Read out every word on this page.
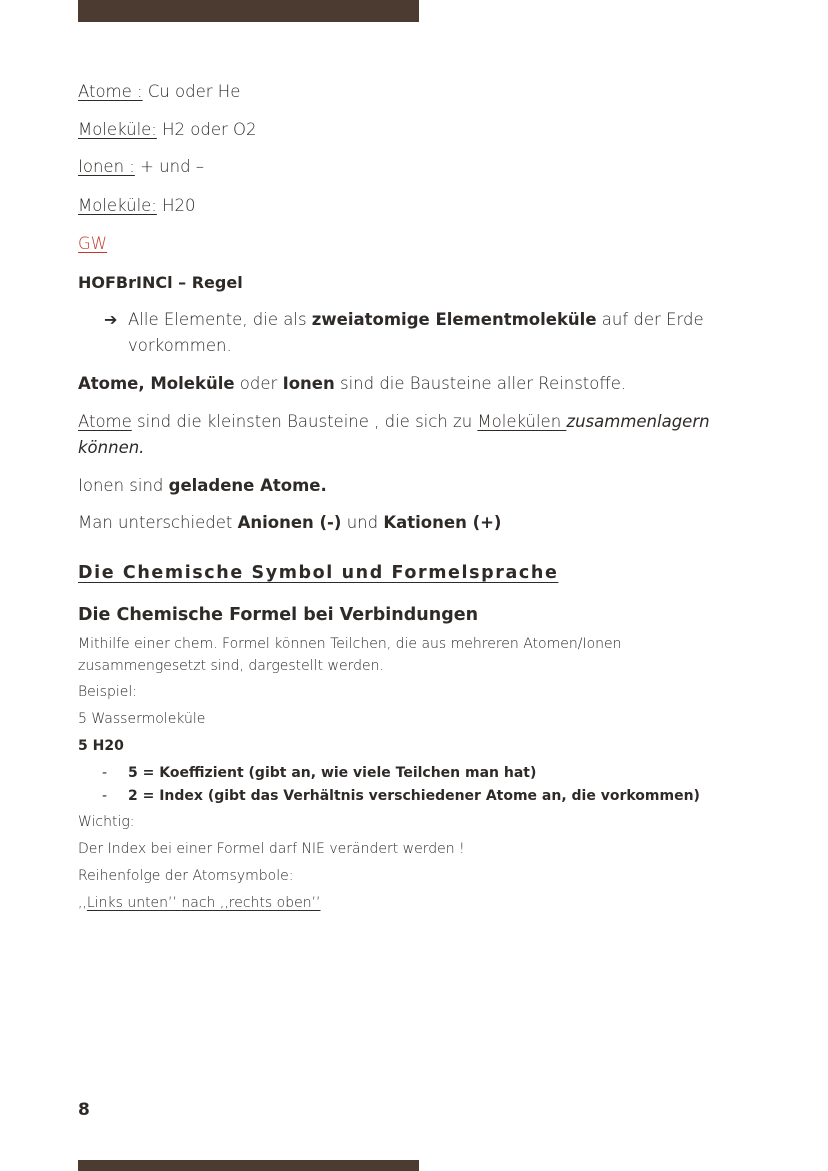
Atome : Cu oder He
Moleküle: H2 oder O2
Ionen : + und –
Moleküle: H20
GW
HOFBrINCl – Regel
➔ Alle Elemente, die als zweiatomige Elementmoleküle auf der Erde
vorkommen.
Atome, Moleküle oder Ionen sind die Bausteine aller Reinstoffe.
Atome sind die kleinsten Bausteine , die sich zu Molekülen zusammenlagern
können.
Ionen sind geladene Atome.
Man unterschiedet Anionen (-) und Kationen (+)
Die Chemische Symbol und Formelsprache
Die Chemische Formel bei Verbindungen
Mithilfe einer chem. Formel können Teilchen, die aus mehreren Atomen/Ionen
zusammengesetzt sind, dargestellt werden.
Beispiel:
5 Wassermoleküle
5 H20
- 5 = Koeffizient (gibt an, wie viele Teilchen man hat)
- 2 = Index (gibt das Verhältnis verschiedener Atome an, die vorkommen)
Wichtig:
Der Index bei einer Formel darf NIE verändert werden !
Reihenfolge der Atomsymbole:
,,Links unten’’ nach ,,rechts oben’’
8
